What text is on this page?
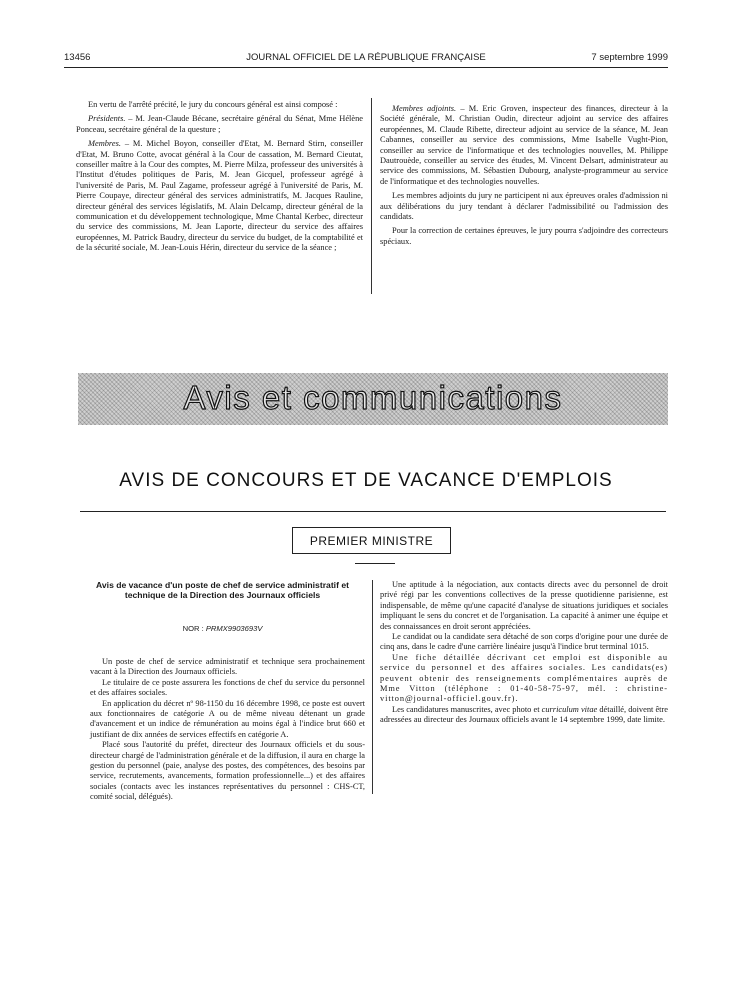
13456	JOURNAL OFFICIEL DE LA RÉPUBLIQUE FRANÇAISE	7 septembre 1999

En vertu de l'arrêté précité, le jury du concours général est ainsi composé :

Présidents. – M. Jean-Claude Bécane, secrétaire général du Sénat, Mme Hélène Ponceau, secrétaire général de la questure ;

Membres. – M. Michel Boyon, conseiller d'Etat, M. Bernard Stirn, conseiller d'Etat, M. Bruno Cotte, avocat général à la Cour de cassation, M. Bernard Cieutat, conseiller maître à la Cour des comptes, M. Pierre Milza, professeur des universités à l'Institut d'études politiques de Paris, M. Jean Gicquel, professeur agrégé à l'université de Paris, M. Paul Zagame, professeur agrégé à l'université de Paris, M. Pierre Coupaye, directeur général des services administratifs, M. Jacques Rauline, directeur général des services législatifs, M. Alain Delcamp, directeur général de la communication et du développement technologique, Mme Chantal Kerbec, directeur du service des commissions, M. Jean Laporte, directeur du service des affaires européennes, M. Patrick Baudry, directeur du service du budget, de la comptabilité et de la sécurité sociale, M. Jean-Louis Hérin, directeur du service de la séance ;

Membres adjoints. – M. Eric Groven, inspecteur des finances, directeur à la Société générale, M. Christian Oudin, directeur adjoint au service des affaires européennes, M. Claude Ribette, directeur adjoint au service de la séance, M. Jean Cabannes, conseiller au service des commissions, Mme Isabelle Vught-Pion, conseiller au service de l'informatique et des technologies nouvelles, M. Philippe Dautrouède, conseiller au service des études, M. Vincent Delsart, administrateur au service des commissions, M. Sébastien Dubourg, analyste-programmeur au service de l'informatique et des technologies nouvelles.

Les membres adjoints du jury ne participent ni aux épreuves orales d'admission ni aux délibérations du jury tendant à déclarer l'admissibilité ou l'admission des candidats.

Pour la correction de certaines épreuves, le jury pourra s'adjoindre des correcteurs spéciaux.

Avis et communications
AVIS DE CONCOURS ET DE VACANCE D'EMPLOIS
PREMIER MINISTRE
Avis de vacance d'un poste de chef de service administratif et technique de la Direction des Journaux officiels
NOR : PRMX9903693V

Un poste de chef de service administratif et technique sera prochainement vacant à la Direction des Journaux officiels.

Le titulaire de ce poste assurera les fonctions de chef du service du personnel et des affaires sociales.

En application du décret nº 98-1150 du 16 décembre 1998, ce poste est ouvert aux fonctionnaires de catégorie A ou de même niveau détenant un grade d'avancement et un indice de rémunération au moins égal à l'indice brut 660 et justifiant de dix années de services effectifs en catégorie A.

Placé sous l'autorité du préfet, directeur des Journaux officiels et du sous-directeur chargé de l'administration générale et de la diffusion, il aura en charge la gestion du personnel (paie, analyse des postes, des compétences, des besoins par service, recrutements, avancements, formation professionnelle...) et des affaires sociales (contacts avec les instances représentatives du personnel : CHS-CT, comité social, délégués).

Une aptitude à la négociation, aux contacts directs avec du personnel de droit privé régi par les conventions collectives de la presse quotidienne parisienne, est indispensable, de même qu'une capacité d'analyse de situations juridiques et sociales impliquant le sens du concret et de l'organisation. La capacité à animer une équipe et des connaissances en droit seront appréciées.

Le candidat ou la candidate sera détaché de son corps d'origine pour une durée de cinq ans, dans le cadre d'une carrière linéaire jusqu'à l'indice brut terminal 1015.

Une fiche détaillée décrivant cet emploi est disponible au service du personnel et des affaires sociales. Les candidats(es) peuvent obtenir des renseignements complémentaires auprès de Mme Vitton (téléphone : 01-40-58-75-97, mél. : christine-vitton@journal-officiel.gouv.fr).

Les candidatures manuscrites, avec photo et curriculum vitae détaillé, doivent être adressées au directeur des Journaux officiels avant le 14 septembre 1999, date limite.
